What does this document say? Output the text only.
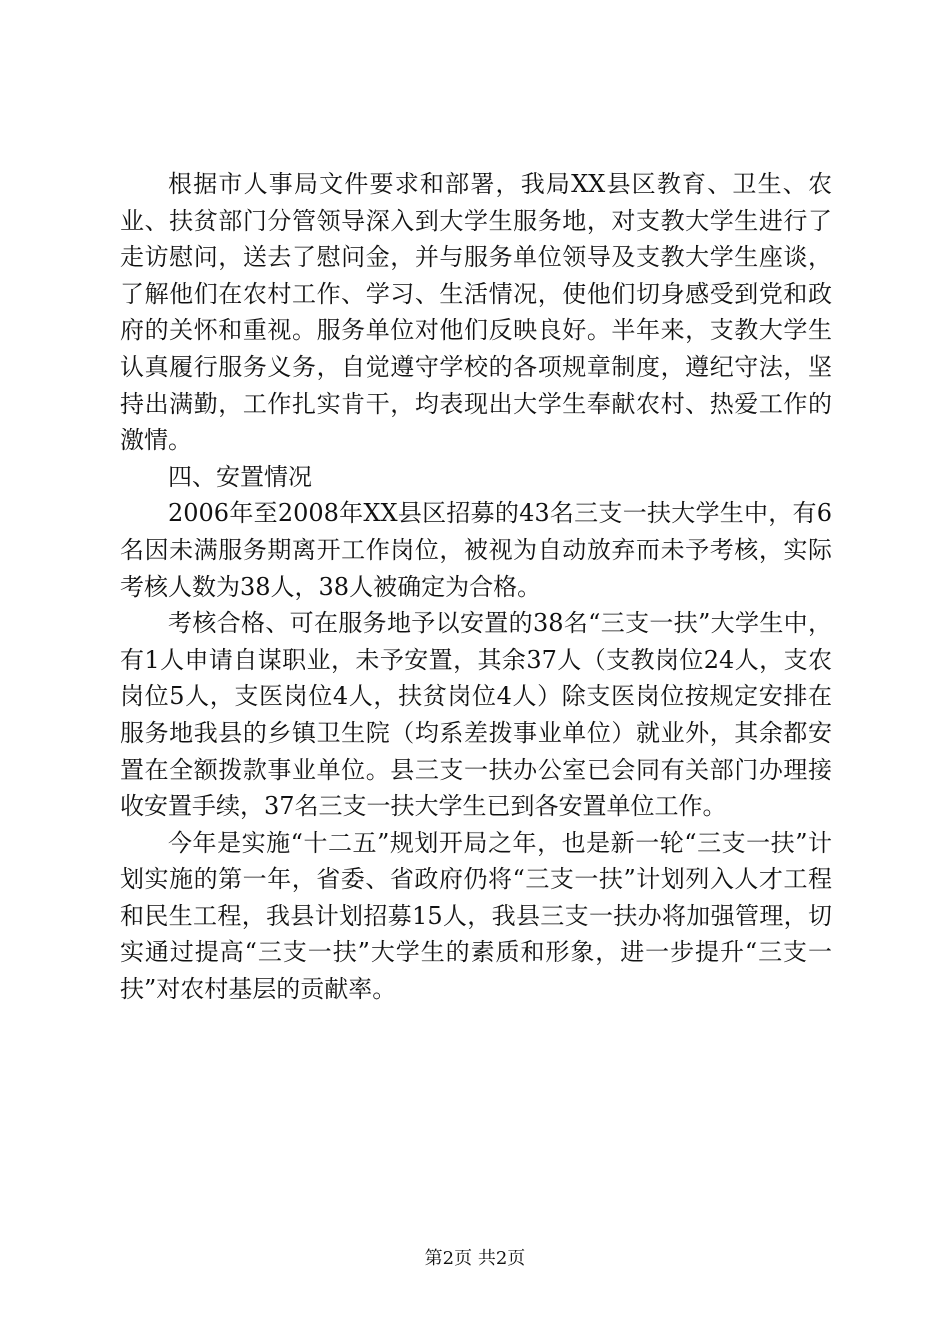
根据市人事局文件要求和部署，我局XX县区教育、卫生、农业、扶贫部门分管领导深入到大学生服务地，对支教大学生进行了走访慰问，送去了慰问金，并与服务单位领导及支教大学生座谈，了解他们在农村工作、学习、生活情况，使他们切身感受到党和政府的关怀和重视。服务单位对他们反映良好。半年来，支教大学生认真履行服务义务，自觉遵守学校的各项规章制度，遵纪守法，坚持出满勤，工作扎实肯干，均表现出大学生奉献农村、热爱工作的激情。

四、安置情况

2006年至2008年XX县区招募的43名三支一扶大学生中，有6名因未满服务期离开工作岗位，被视为自动放弃而未予考核，实际考核人数为38人，38人被确定为合格。

考核合格、可在服务地予以安置的38名“三支一扶”大学生中，有1人申请自谋职业，未予安置，其余37人（支教岗位24人，支农岗位5人，支医岗位4人，扶贫岗位4人）除支医岗位按规定安排在服务地我县的乡镇卫生院（均系差拨事业单位）就业外，其余都安置在全额拨款事业单位。县三支一扶办公室已会同有关部门办理接收安置手续，37名三支一扶大学生已到各安置单位工作。

今年是实施“十二五”规划开局之年，也是新一轮“三支一扶”计划实施的第一年，省委、省政府仍将“三支一扶”计划列入人才工程和民生工程，我县计划招募15人，我县三支一扶办将加强管理，切实通过提高“三支一扶”大学生的素质和形象，进一步提升“三支一扶”对农村基层的贡献率。

第2页 共2页
